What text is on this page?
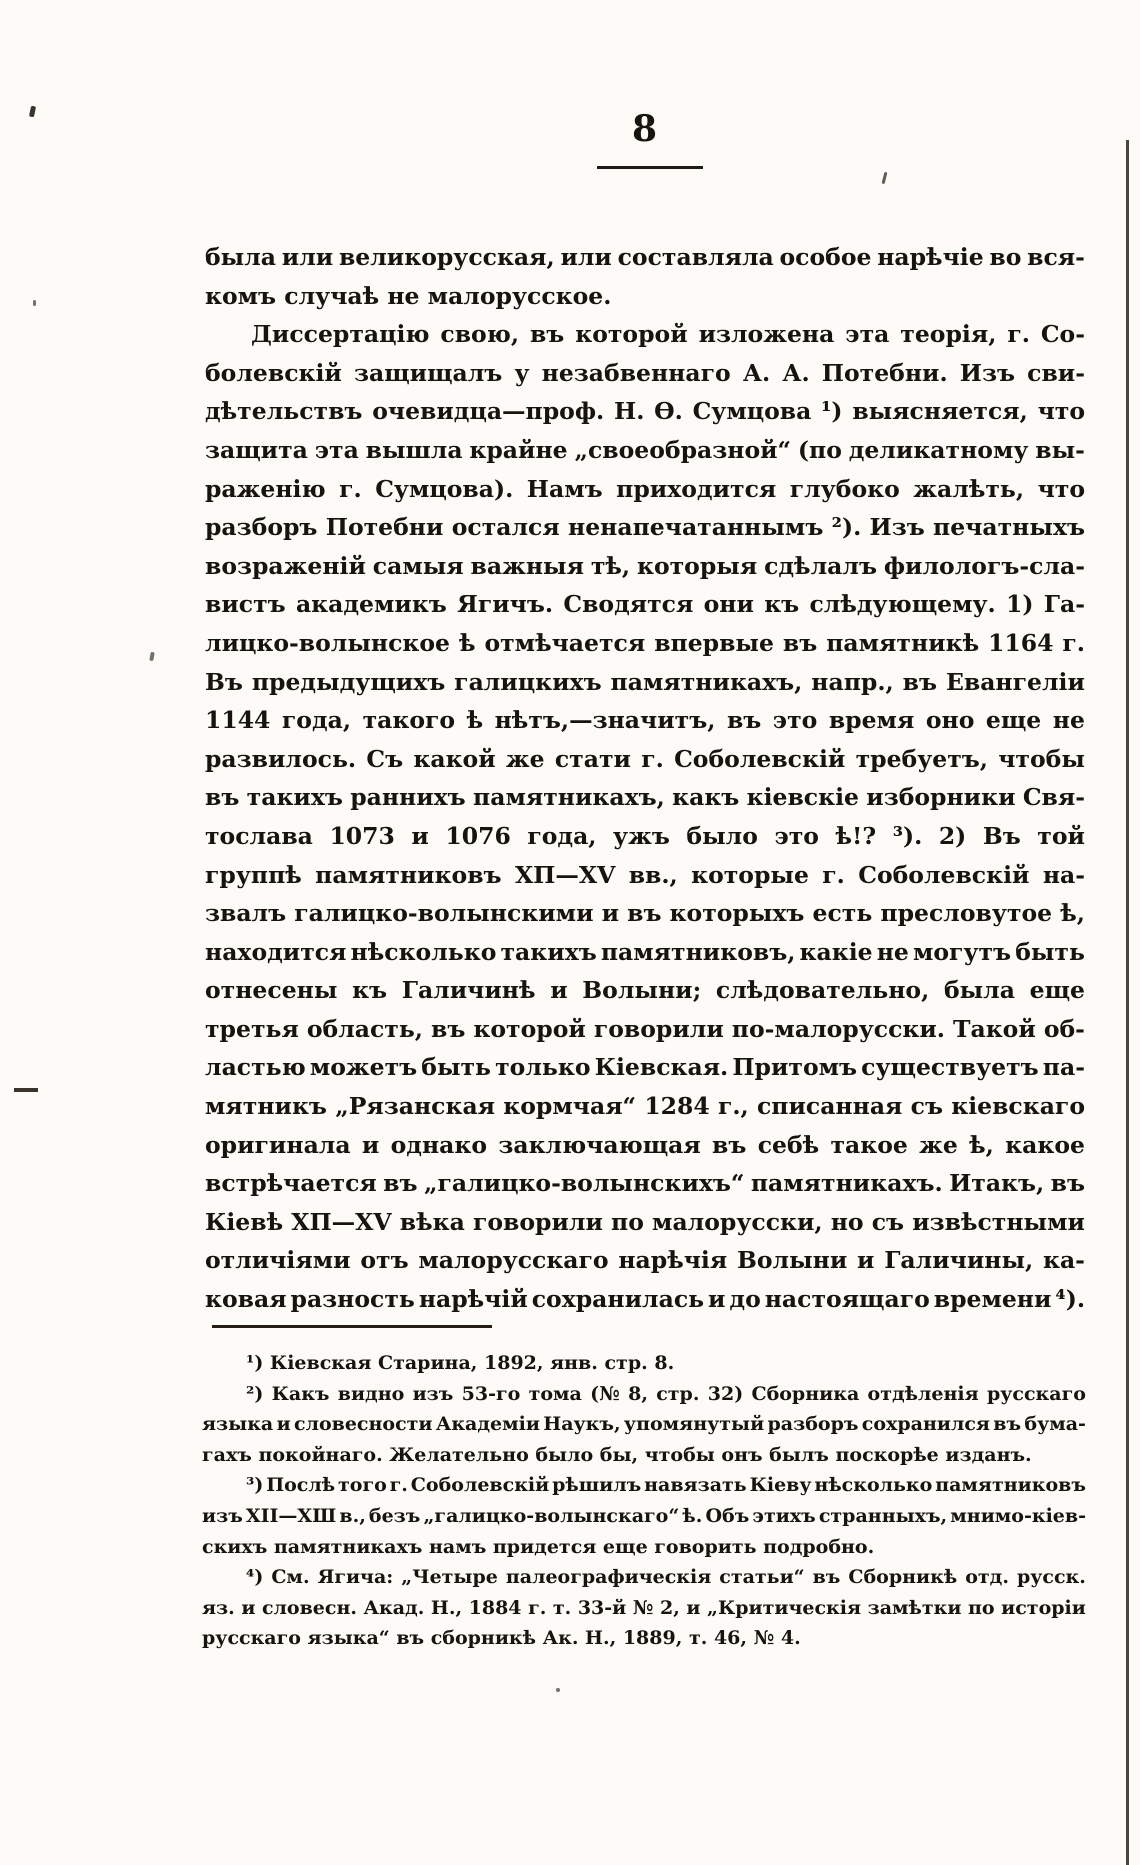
8
была или великорусская, или составляла особое нарѣчіе во вся-
комъ случаѣ не малорусское.
Диссертацію свою, въ которой изложена эта теорія, г. Со-
болевскій защищалъ у незабвеннаго А. А. Потебни. Изъ сви-
дѣтельствъ очевидца—проф. Н. Ѳ. Сумцова ¹) выясняется, что
защита эта вышла крайне „своеобразной“ (по деликатному вы-
раженію г. Сумцова). Намъ приходится глубоко жалѣть, что
разборъ Потебни остался ненапечатаннымъ ²). Изъ печатныхъ
возраженій самыя важныя тѣ, которыя сдѣлалъ филологъ-сла-
вистъ академикъ Ягичъ. Сводятся они къ слѣдующему. 1) Га-
лицко-волынское ѣ отмѣчается впервые въ памятникѣ 1164 г.
Въ предыдущихъ галицкихъ памятникахъ, напр., въ Евангеліи
1144 года, такого ѣ нѣтъ,—значитъ, въ это время оно еще не
развилось. Съ какой же стати г. Соболевскій требуетъ, чтобы
въ такихъ раннихъ памятникахъ, какъ кіевскіе изборники Свя-
тослава 1073 и 1076 года, ужъ было это ѣ!? ³). 2) Въ той
группѣ памятниковъ ХП—XV вв., которые г. Соболевскій на-
звалъ галицко-волынскими и въ которыхъ есть пресловутое ѣ,
находится нѣсколько такихъ памятниковъ, какіе не могутъ быть
отнесены къ Галичинѣ и Волыни; слѣдовательно, была еще
третья область, въ которой говорили по-малорусски. Такой об-
ластью можетъ быть только Кіевская. Притомъ существуетъ па-
мятникъ „Рязанская кормчая“ 1284 г., списанная съ кіевскаго
оригинала и однако заключающая въ себѣ такое же ѣ, какое
встрѣчается въ „галицко-волынскихъ“ памятникахъ. Итакъ, въ
Кіевѣ ХП—XV вѣка говорили по малорусски, но съ извѣстными
отличіями отъ малорусскаго нарѣчія Волыни и Галичины, ка-
ковая разность нарѣчій сохранилась и до настоящаго времени ⁴).
¹) Кіевская Старина, 1892, янв. стр. 8.
²) Какъ видно изъ 53-го тома (№ 8, стр. 32) Сборника отдѣленія русскаго
языка и словесности Академіи Наукъ, упомянутый разборъ сохранился въ бума-
гахъ покойнаго. Желательно было бы, чтобы онъ былъ поскорѣе изданъ.
³) Послѣ того г. Соболевскій рѣшилъ навязать Кіеву нѣсколько памятниковъ
изъ ХІІ—ХШ в., безъ „галицко-волынскаго“ ѣ. Объ этихъ странныхъ, мнимо-кіев-
скихъ памятникахъ намъ придется еще говорить подробно.
⁴) См. Ягича: „Четыре палеографическія статьи“ въ Сборникѣ отд. русск.
яз. и словесн. Акад. Н., 1884 г. т. 33-й № 2, и „Критическія замѣтки по исторіи
русскаго языка“ въ сборникѣ Ак. Н., 1889, т. 46, № 4.
